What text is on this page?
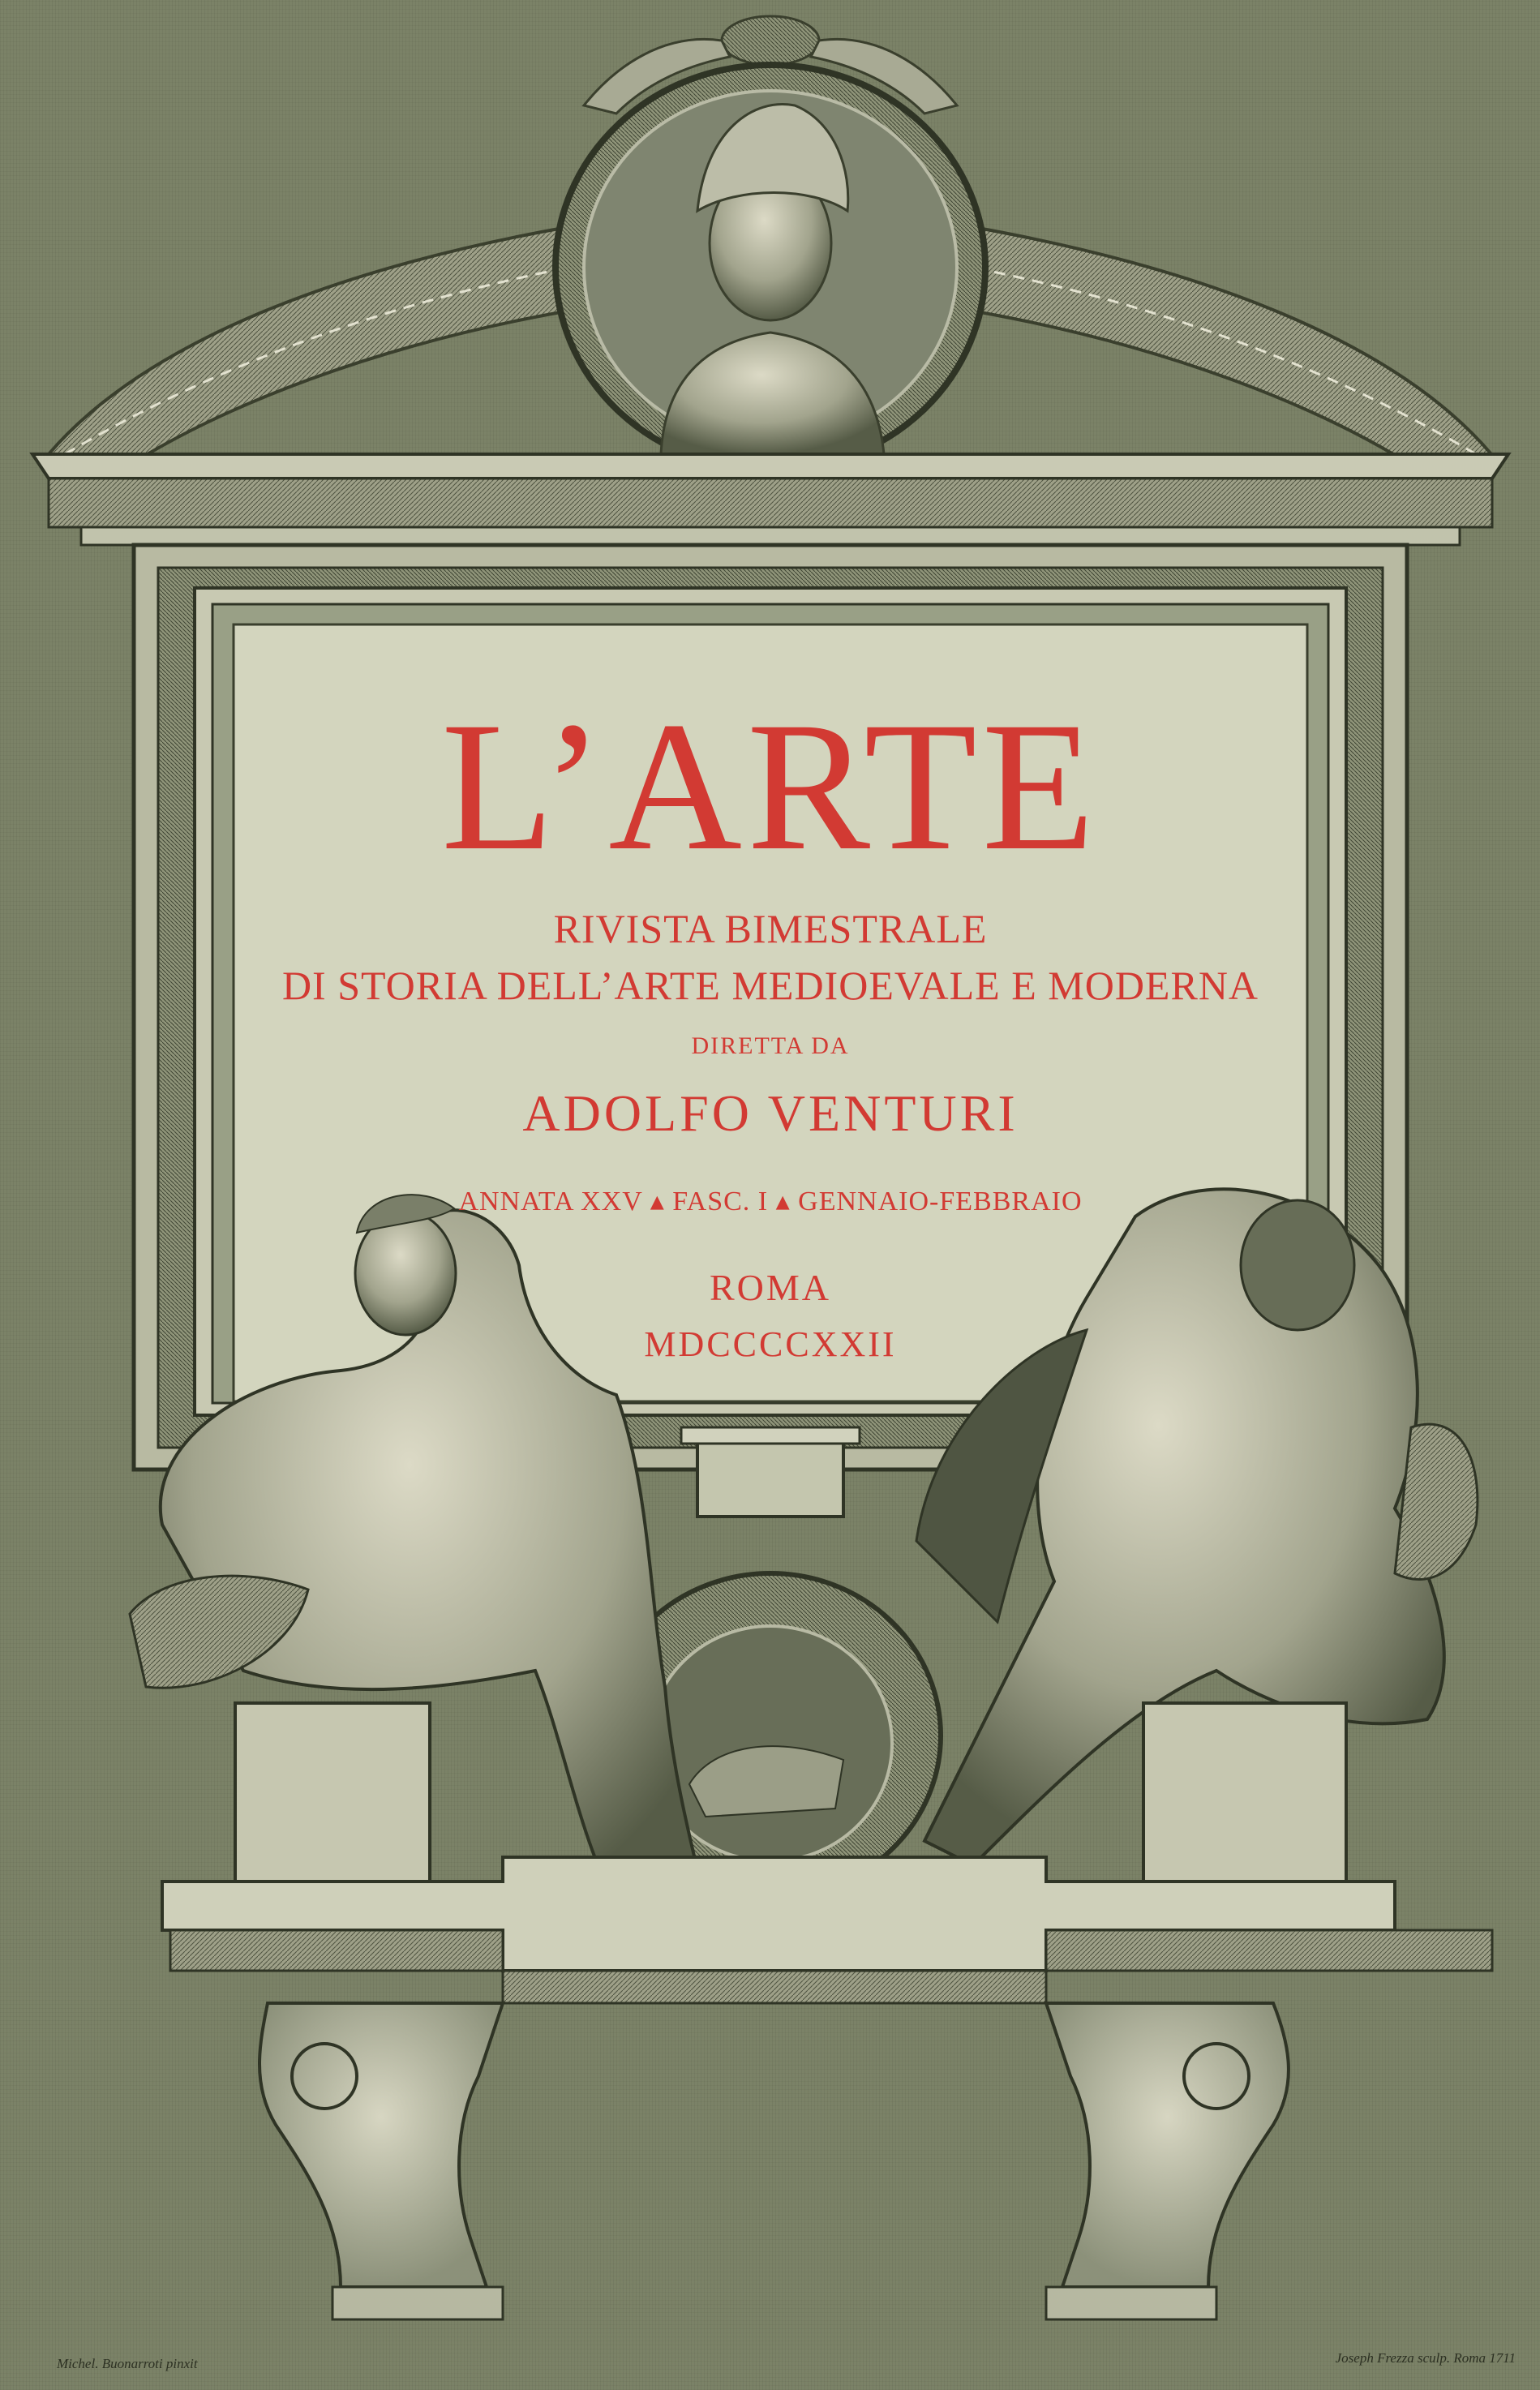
L’ARTE
RIVISTA BIMESTRALE
DI STORIA DELL’ARTE MEDIOEVALE E MODERNA
DIRETTA DA
ADOLFO VENTURI
ANNATA XXV ▴ FASC. I ▴ GENNAIO-FEBBRAIO
ROMA
MDCCCCXXII
Michel. Buonarroti pinxit	Joseph Frezza sculp. Roma 1711
